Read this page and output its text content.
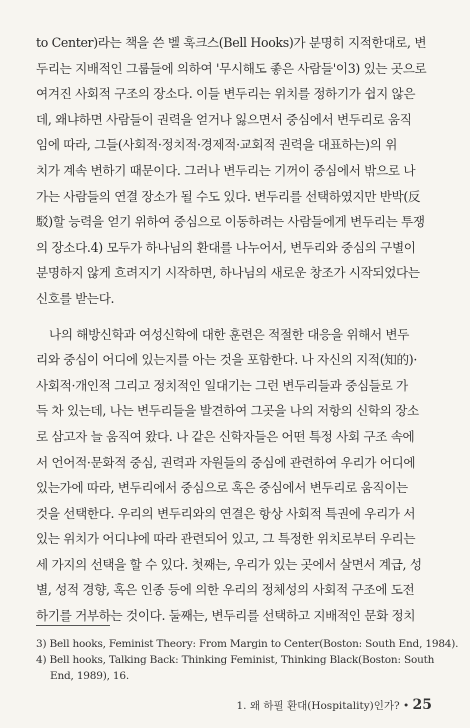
to Center)라는 책을 쓴 벨 훅크스(Bell Hooks)가 분명히 지적한대로, 변
두리는 지배적인 그룹들에 의하여 '무시해도 좋은 사람들'이3) 있는 곳으로
여겨진 사회적 구조의 장소다. 이들 변두리는 위치를 정하기가 쉽지 않은
데, 왜냐하면 사람들이 권력을 얻거나 잃으면서 중심에서 변두리로 움직
임에 따라, 그들(사회적·정치적·경제적·교회적 권력을 대표하는)의 위
치가 계속 변하기 때문이다. 그러나 변두리는 기꺼이 중심에서 밖으로 나
가는 사람들의 연결 장소가 될 수도 있다. 변두리를 선택하였지만 반박(反
駁)할 능력을 얻기 위하여 중심으로 이동하려는 사람들에게 변두리는 투쟁
의 장소다.4) 모두가 하나님의 환대를 나누어서, 변두리와 중심의 구별이
분명하지 않게 흐려지기 시작하면, 하나님의 새로운 창조가 시작되었다는
신호를 받는다.
나의 해방신학과 여성신학에 대한 훈련은 적절한 대응을 위해서 변두
리와 중심이 어디에 있는지를 아는 것을 포함한다. 나 자신의 지적(知的)·
사회적·개인적 그리고 정치적인 일대기는 그런 변두리들과 중심들로 가
득 차 있는데, 나는 변두리들을 발견하여 그곳을 나의 저항의 신학의 장소
로 삼고자 늘 움직여 왔다. 나 같은 신학자들은 어떤 특정 사회 구조 속에
서 언어적·문화적 중심, 권력과 자원들의 중심에 관련하여 우리가 어디에
있는가에 따라, 변두리에서 중심으로 혹은 중심에서 변두리로 움직이는
것을 선택한다. 우리의 변두리와의 연결은 항상 사회적 특권에 우리가 서
있는 위치가 어디냐에 따라 관련되어 있고, 그 특정한 위치로부터 우리는
세 가지의 선택을 할 수 있다. 첫째는, 우리가 있는 곳에서 살면서 계급, 성
별, 성적 경향, 혹은 인종 등에 의한 우리의 정체성의 사회적 구조에 도전
하기를 거부하는 것이다. 둘째는, 변두리를 선택하고 지배적인 문화 정치
3) Bell hooks, Feminist Theory: From Margin to Center(Boston: South End, 1984).
4) Bell hooks, Talking Back: Thinking Feminist, Thinking Black(Boston: South
End, 1989), 16.
1. 왜 하필 환대(Hospitality)인가? • 25
